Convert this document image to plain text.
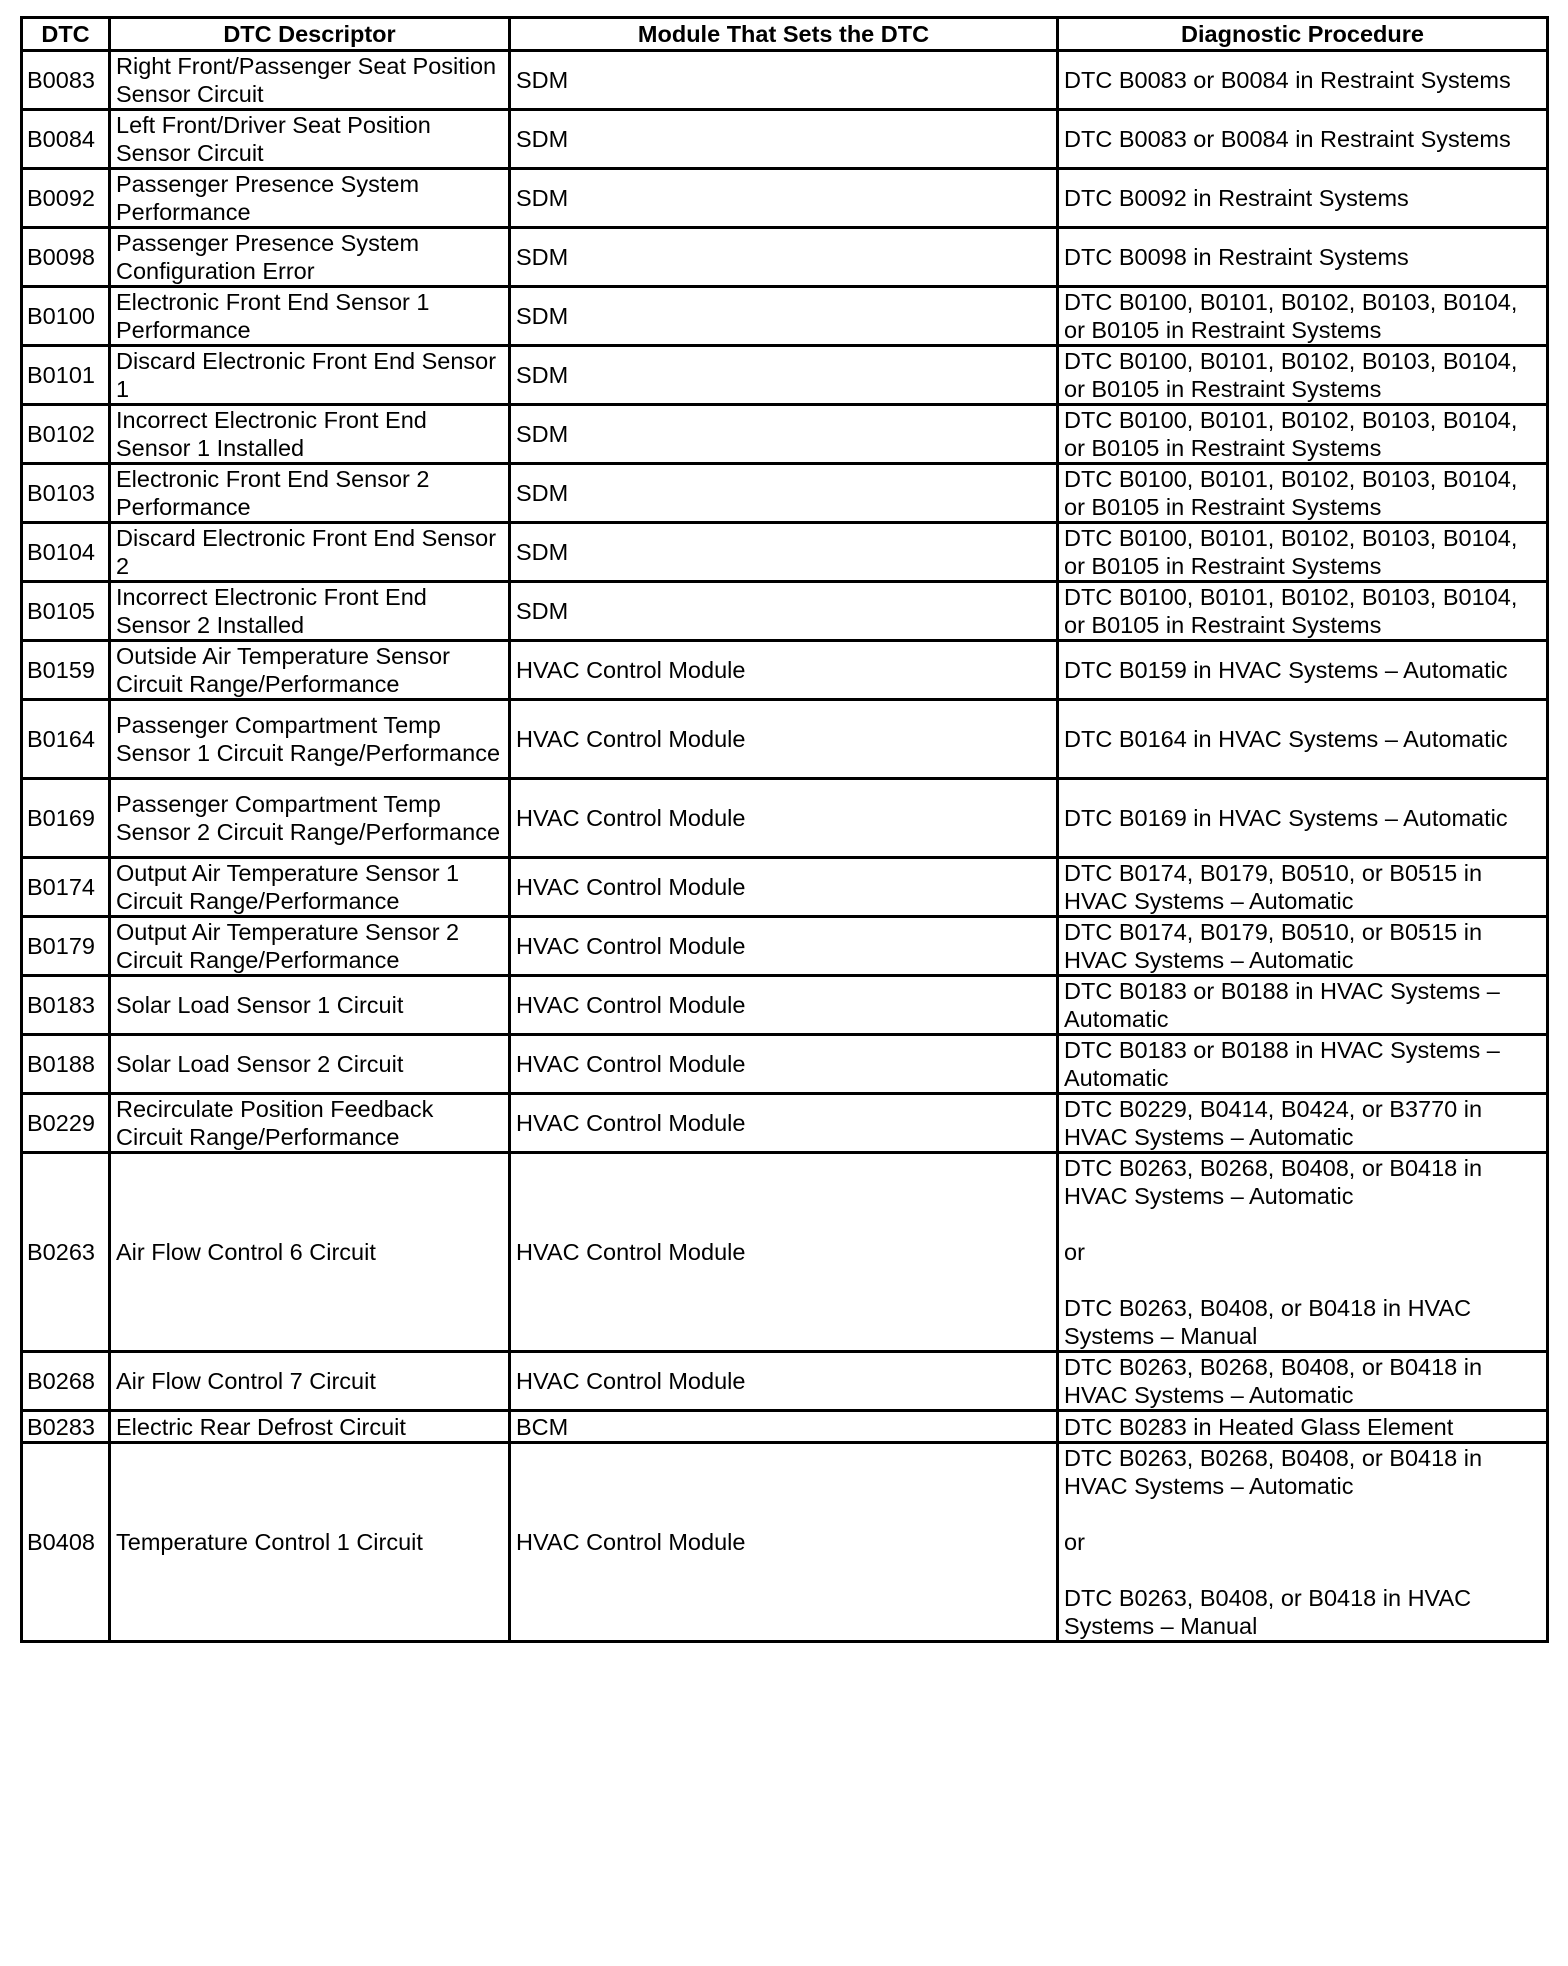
DTC	DTC Descriptor	Module That Sets the DTC	Diagnostic Procedure
B0083	Right Front/Passenger Seat Position Sensor Circuit	SDM	DTC B0083 or B0084 in Restraint Systems
B0084	Left Front/Driver Seat Position Sensor Circuit	SDM	DTC B0083 or B0084 in Restraint Systems
B0092	Passenger Presence System Performance	SDM	DTC B0092 in Restraint Systems
B0098	Passenger Presence System Configuration Error	SDM	DTC B0098 in Restraint Systems
B0100	Electronic Front End Sensor 1 Performance	SDM	DTC B0100, B0101, B0102, B0103, B0104, or B0105 in Restraint Systems
B0101	Discard Electronic Front End Sensor 1	SDM	DTC B0100, B0101, B0102, B0103, B0104, or B0105 in Restraint Systems
B0102	Incorrect Electronic Front End Sensor 1 Installed	SDM	DTC B0100, B0101, B0102, B0103, B0104, or B0105 in Restraint Systems
B0103	Electronic Front End Sensor 2 Performance	SDM	DTC B0100, B0101, B0102, B0103, B0104, or B0105 in Restraint Systems
B0104	Discard Electronic Front End Sensor 2	SDM	DTC B0100, B0101, B0102, B0103, B0104, or B0105 in Restraint Systems
B0105	Incorrect Electronic Front End Sensor 2 Installed	SDM	DTC B0100, B0101, B0102, B0103, B0104, or B0105 in Restraint Systems
B0159	Outside Air Temperature Sensor Circuit Range/Performance	HVAC Control Module	DTC B0159 in HVAC Systems – Automatic
B0164	Passenger Compartment Temp Sensor 1 Circuit Range/Performance	HVAC Control Module	DTC B0164 in HVAC Systems – Automatic
B0169	Passenger Compartment Temp Sensor 2 Circuit Range/Performance	HVAC Control Module	DTC B0169 in HVAC Systems – Automatic
B0174	Output Air Temperature Sensor 1 Circuit Range/Performance	HVAC Control Module	DTC B0174, B0179, B0510, or B0515 in HVAC Systems – Automatic
B0179	Output Air Temperature Sensor 2 Circuit Range/Performance	HVAC Control Module	DTC B0174, B0179, B0510, or B0515 in HVAC Systems – Automatic
B0183	Solar Load Sensor 1 Circuit	HVAC Control Module	DTC B0183 or B0188 in HVAC Systems – Automatic
B0188	Solar Load Sensor 2 Circuit	HVAC Control Module	DTC B0183 or B0188 in HVAC Systems – Automatic
B0229	Recirculate Position Feedback Circuit Range/Performance	HVAC Control Module	DTC B0229, B0414, B0424, or B3770 in HVAC Systems – Automatic
B0263	Air Flow Control 6 Circuit	HVAC Control Module	DTC B0263, B0268, B0408, or B0418 in HVAC Systems – Automatic

or

DTC B0263, B0408, or B0418 in HVAC Systems – Manual
B0268	Air Flow Control 7 Circuit	HVAC Control Module	DTC B0263, B0268, B0408, or B0418 in HVAC Systems – Automatic
B0283	Electric Rear Defrost Circuit	BCM	DTC B0283 in Heated Glass Element
B0408	Temperature Control 1 Circuit	HVAC Control Module	DTC B0263, B0268, B0408, or B0418 in HVAC Systems – Automatic

or

DTC B0263, B0408, or B0418 in HVAC Systems – Manual
